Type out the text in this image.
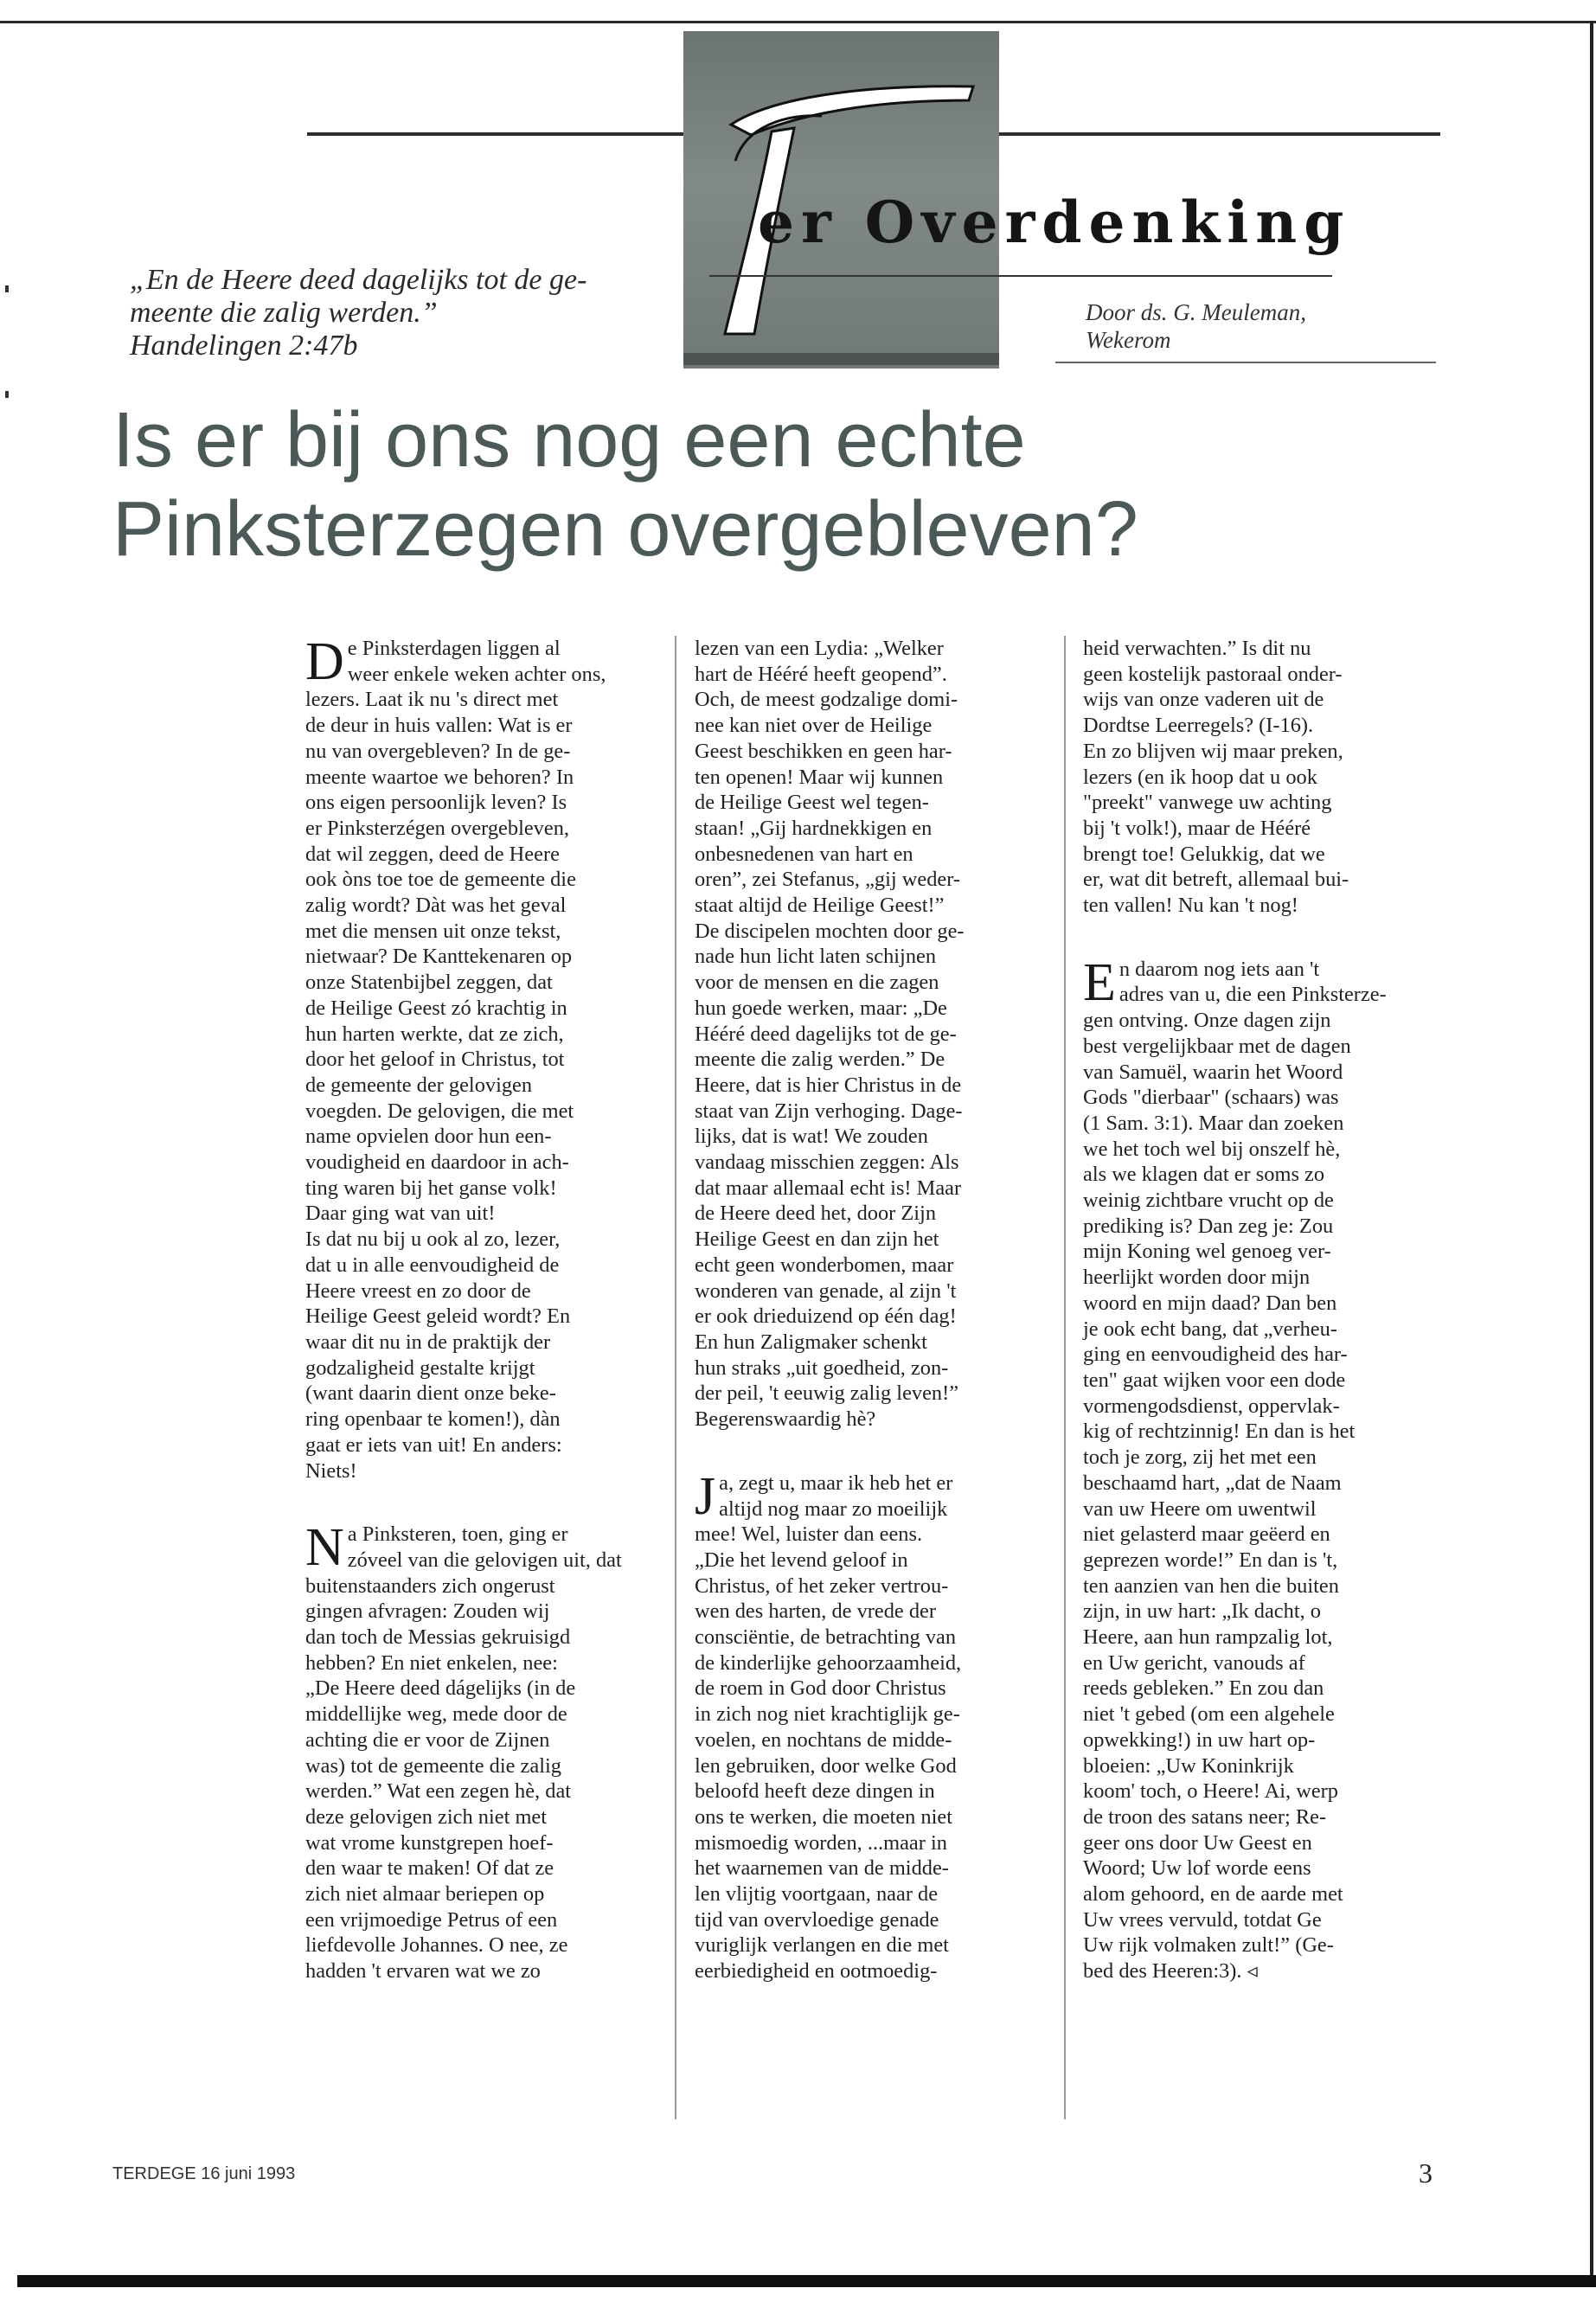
er Overdenking
Door ds. G. Meuleman,
Wekerom
„En de Heere deed dagelijks tot de ge-
meente die zalig werden.”
Handelingen 2:47b
Is er bij ons nog een echte
Pinksterzegen overgebleven?
D e Pinksterdagen liggen al
weer enkele weken achter ons,
lezers. Laat ik nu 's direct met
de deur in huis vallen: Wat is er
nu van overgebleven? In de ge-
meente waartoe we behoren? In
ons eigen persoonlijk leven? Is
er Pinksterzégen overgebleven,
dat wil zeggen, deed de Heere
ook òns toe toe de gemeente die
zalig wordt? Dàt was het geval
met die mensen uit onze tekst,
nietwaar? De Kanttekenaren op
onze Statenbijbel zeggen, dat
de Heilige Geest zó krachtig in
hun harten werkte, dat ze zich,
door het geloof in Christus, tot
de gemeente der gelovigen
voegden. De gelovigen, die met
name opvielen door hun een-
voudigheid en daardoor in ach-
ting waren bij het ganse volk!
Daar ging wat van uit!
Is dat nu bij u ook al zo, lezer,
dat u in alle eenvoudigheid de
Heere vreest en zo door de
Heilige Geest geleid wordt? En
waar dit nu in de praktijk der
godzaligheid gestalte krijgt
(want daarin dient onze beke-
ring openbaar te komen!), dàn
gaat er iets van uit! En anders:
Niets!
N a Pinksteren, toen, ging er
zóveel van die gelovigen uit, dat
buitenstaanders zich ongerust
gingen afvragen: Zouden wij
dan toch de Messias gekruisigd
hebben? En niet enkelen, nee:
„De Heere deed dágelijks (in de
middellijke weg, mede door de
achting die er voor de Zijnen
was) tot de gemeente die zalig
werden.” Wat een zegen hè, dat
deze gelovigen zich niet met
wat vrome kunstgrepen hoef-
den waar te maken! Of dat ze
zich niet almaar beriepen op
een vrijmoedige Petrus of een
liefdevolle Johannes. O nee, ze
hadden 't ervaren wat we zo
lezen van een Lydia: „Welker
hart de Hééré heeft geopend”.
Och, de meest godzalige domi-
nee kan niet over de Heilige
Geest beschikken en geen har-
ten openen! Maar wij kunnen
de Heilige Geest wel tegen-
staan! „Gij hardnekkigen en
onbesnedenen van hart en
oren”, zei Stefanus, „gij weder-
staat altijd de Heilige Geest!”
De discipelen mochten door ge-
nade hun licht laten schijnen
voor de mensen en die zagen
hun goede werken, maar: „De
Hééré deed dagelijks tot de ge-
meente die zalig werden.” De
Heere, dat is hier Christus in de
staat van Zijn verhoging. Dage-
lijks, dat is wat! We zouden
vandaag misschien zeggen: Als
dat maar allemaal echt is! Maar
de Heere deed het, door Zijn
Heilige Geest en dan zijn het
echt geen wonderbomen, maar
wonderen van genade, al zijn 't
er ook drieduizend op één dag!
En hun Zaligmaker schenkt
hun straks „uit goedheid, zon-
der peil, 't eeuwig zalig leven!”
Begerenswaardig hè?
J a, zegt u, maar ik heb het er
altijd nog maar zo moeilijk
mee! Wel, luister dan eens.
„Die het levend geloof in
Christus, of het zeker vertrou-
wen des harten, de vrede der
consciëntie, de betrachting van
de kinderlijke gehoorzaamheid,
de roem in God door Christus
in zich nog niet krachtiglijk ge-
voelen, en nochtans de midde-
len gebruiken, door welke God
beloofd heeft deze dingen in
ons te werken, die moeten niet
mismoedig worden, ...maar in
het waarnemen van de midde-
len vlijtig voortgaan, naar de
tijd van overvloedige genade
vuriglijk verlangen en die met
eerbiedigheid en ootmoedig-
heid verwachten.” Is dit nu
geen kostelijk pastoraal onder-
wijs van onze vaderen uit de
Dordtse Leerregels? (I-16).
En zo blijven wij maar preken,
lezers (en ik hoop dat u ook
"preekt" vanwege uw achting
bij 't volk!), maar de Hééré
brengt toe! Gelukkig, dat we
er, wat dit betreft, allemaal bui-
ten vallen! Nu kan 't nog!
E n daarom nog iets aan 't
adres van u, die een Pinksterze-
gen ontving. Onze dagen zijn
best vergelijkbaar met de dagen
van Samuël, waarin het Woord
Gods "dierbaar" (schaars) was
(1 Sam. 3:1). Maar dan zoeken
we het toch wel bij onszelf hè,
als we klagen dat er soms zo
weinig zichtbare vrucht op de
prediking is? Dan zeg je: Zou
mijn Koning wel genoeg ver-
heerlijkt worden door mijn
woord en mijn daad? Dan ben
je ook echt bang, dat „verheu-
ging en eenvoudigheid des har-
ten" gaat wijken voor een dode
vormengodsdienst, oppervlak-
kig of rechtzinnig! En dan is het
toch je zorg, zij het met een
beschaamd hart, „dat de Naam
van uw Heere om uwentwil
niet gelasterd maar geëerd en
geprezen worde!” En dan is 't,
ten aanzien van hen die buiten
zijn, in uw hart: „Ik dacht, o
Heere, aan hun rampzalig lot,
en Uw gericht, vanouds af
reeds gebleken.” En zou dan
niet 't gebed (om een algehele
opwekking!) in uw hart op-
bloeien: „Uw Koninkrijk
koom' toch, o Heere! Ai, werp
de troon des satans neer; Re-
geer ons door Uw Geest en
Woord; Uw lof worde eens
alom gehoord, en de aarde met
Uw vrees vervuld, totdat Ge
Uw rijk volmaken zult!” (Ge-
bed des Heeren:3). ◃
TERDEGE 16 juni 1993	3
